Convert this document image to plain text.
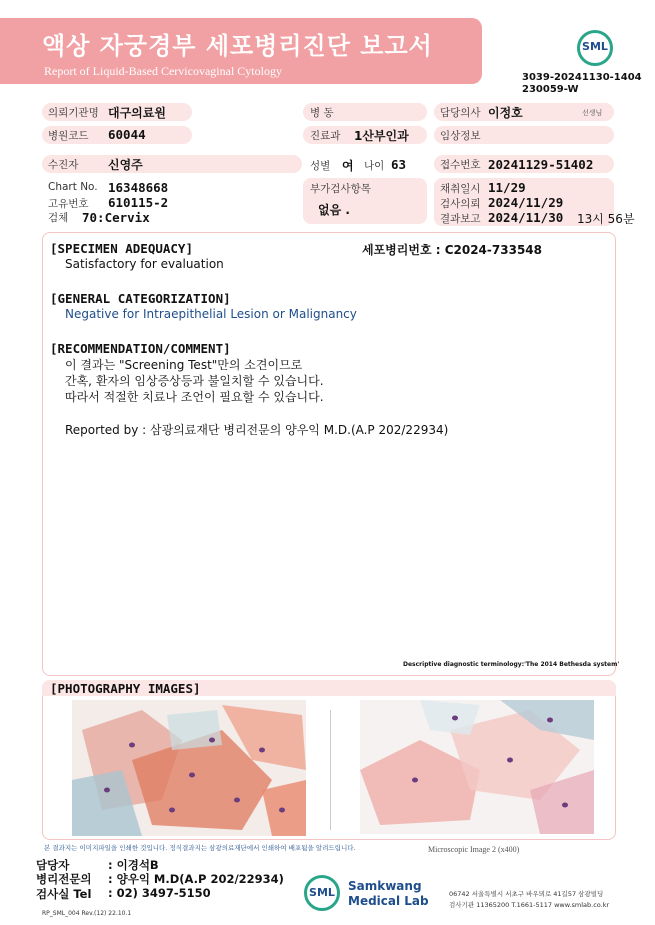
액상 자궁경부 세포병리진단 보고서
Report of Liquid-Based Cervicovaginal Cytology
SML
3039-20241130-1404
230059-W
의뢰기관명 대구의료원	병 동	담당의사 이정호	선생님
병원코드 60044	진료과 1산부인과	임상정보
수진자 신영주	성별 여 나이 63	접수번호 20241129-51402
Chart No. 16348668
고유번호 610115-2
검체 70:Cervix
부가검사항목
없음 .
채취일시 11/29
검사의뢰 2024/11/29
결과보고 2024/11/30 13시 56분
[SPECIMEN ADEQUACY]	세포병리번호 : C2024-733548
Satisfactory for evaluation
[GENERAL CATEGORIZATION]
Negative for Intraepithelial Lesion or Malignancy
[RECOMMENDATION/COMMENT]
이 결과는 "Screening Test"만의 소견이므로
간혹, 환자의 임상증상등과 불일치할 수 있습니다.
따라서 적절한 치료나 조언이 필요할 수 있습니다.
Reported by : 삼광의료재단 병리전문의 양우익 M.D.(A.P 202/22934)
Descriptive diagnostic terminology:'The 2014 Bethesda system'
[PHOTOGRAPHY IMAGES]
본 결과지는 이미지파일을 인쇄한 것입니다. 정식결과지는 삼광의료재단에서 인쇄하여 배포됨을 알려드립니다.	Microscopic Image 2 (x400)
담당자	: 이경석B
병리전문의 : 양우익 M.D(A.P 202/22934)
검사실 Tel : 02) 3497-5150	SML	Samkwang
Medical Lab	06742 서울특별시 서초구 바우뫼로 41길57 삼광빌딩
검사기관 11365200 T.1661-5117 www.smlab.co.kr
RP_SML_004 Rev.(12) 22.10.1
